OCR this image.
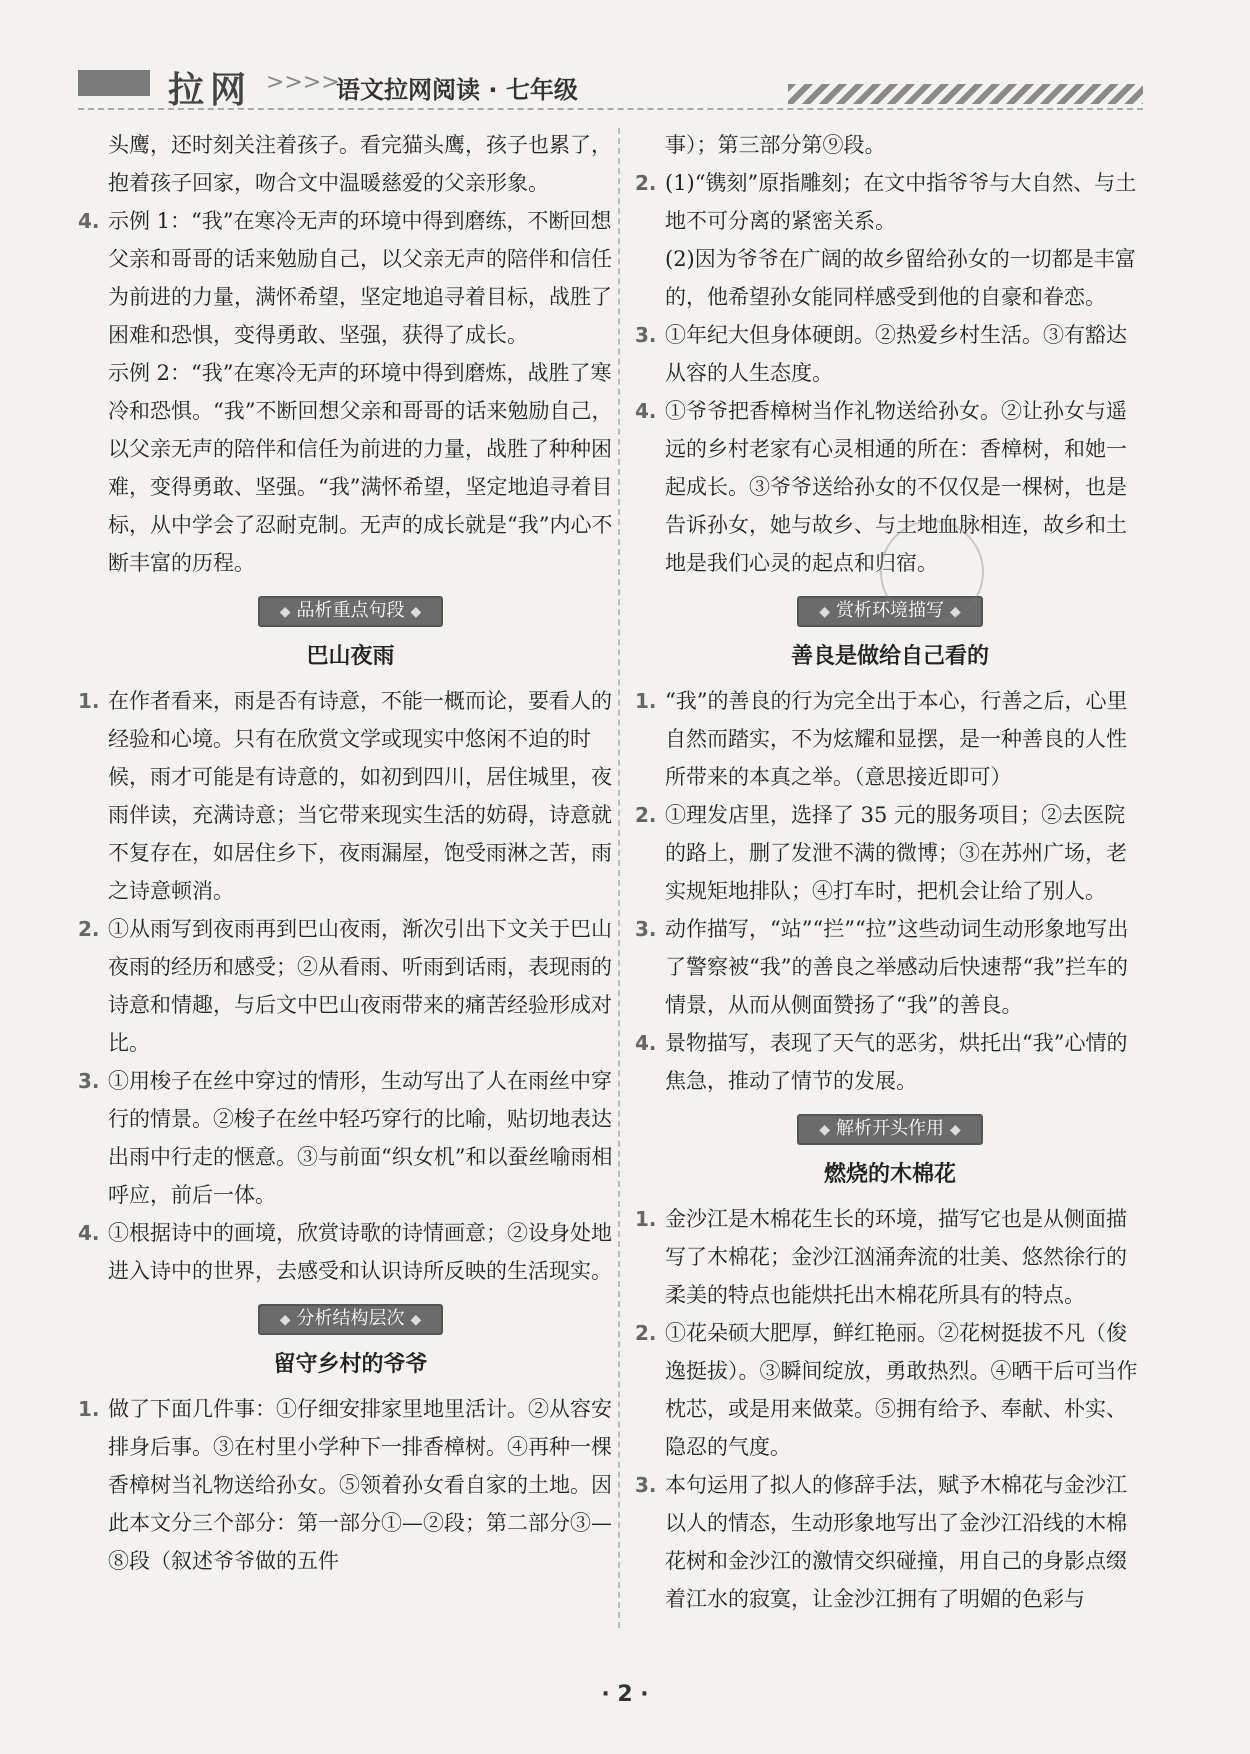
拉网 >>>>
语文拉网阅读 · 七年级

头鹰，还时刻关注着孩子。看完猫头鹰，孩子也累了，抱着孩子回家，吻合文中温暖慈爱的父亲形象。

4. 示例 1：“我”在寒冷无声的环境中得到磨练，不断回想父亲和哥哥的话来勉励自己，以父亲无声的陪伴和信任为前进的力量，满怀希望，坚定地追寻着目标，战胜了困难和恐惧，变得勇敢、坚强，获得了成长。
示例 2：“我”在寒冷无声的环境中得到磨炼，战胜了寒冷和恐惧。“我”不断回想父亲和哥哥的话来勉励自己，以父亲无声的陪伴和信任为前进的力量，战胜了种种困难，变得勇敢、坚强。“我”满怀希望，坚定地追寻着目标，从中学会了忍耐克制。无声的成长就是“我”内心不断丰富的历程。
◆ 品析重点句段 ◆
巴山夜雨
1. 在作者看来，雨是否有诗意，不能一概而论，要看人的经验和心境。只有在欣赏文学或现实中悠闲不迫的时候，雨才可能是有诗意的，如初到四川，居住城里，夜雨伴读，充满诗意；当它带来现实生活的妨碍，诗意就不复存在，如居住乡下，夜雨漏屋，饱受雨淋之苦，雨之诗意顿消。
2. ①从雨写到夜雨再到巴山夜雨，渐次引出下文关于巴山夜雨的经历和感受；②从看雨、听雨到话雨，表现雨的诗意和情趣，与后文中巴山夜雨带来的痛苦经验形成对比。
3. ①用梭子在丝中穿过的情形，生动写出了人在雨丝中穿行的情景。②梭子在丝中轻巧穿行的比喻，贴切地表达出雨中行走的惬意。③与前面“织女机”和以蚕丝喻雨相呼应，前后一体。
4. ①根据诗中的画境，欣赏诗歌的诗情画意；②设身处地进入诗中的世界，去感受和认识诗所反映的生活现实。
◆ 分析结构层次 ◆
留守乡村的爷爷
1. 做了下面几件事：①仔细安排家里地里活计。②从容安排身后事。③在村里小学种下一排香樟树。④再种一棵香樟树当礼物送给孙女。⑤领着孙女看自家的土地。因此本文分三个部分：第一部分①—②段；第二部分③—⑧段（叙述爷爷做的五件

事）；第三部分第⑨段。

2. (1)“镌刻”原指雕刻；在文中指爷爷与大自然、与土地不可分离的紧密关系。
(2)因为爷爷在广阔的故乡留给孙女的一切都是丰富的，他希望孙女能同样感受到他的自豪和眷恋。
3. ①年纪大但身体硬朗。②热爱乡村生活。③有豁达从容的人生态度。
4. ①爷爷把香樟树当作礼物送给孙女。②让孙女与遥远的乡村老家有心灵相通的所在：香樟树，和她一起成长。③爷爷送给孙女的不仅仅是一棵树，也是告诉孙女，她与故乡、与土地血脉相连，故乡和土地是我们心灵的起点和归宿。
◆ 赏析环境描写 ◆
善良是做给自己看的
1. “我”的善良的行为完全出于本心，行善之后，心里自然而踏实，不为炫耀和显摆，是一种善良的人性所带来的本真之举。（意思接近即可）
2. ①理发店里，选择了 35 元的服务项目；②去医院的路上，删了发泄不满的微博；③在苏州广场，老实规矩地排队；④打车时，把机会让给了别人。
3. 动作描写，“站”“拦”“拉”这些动词生动形象地写出了警察被“我”的善良之举感动后快速帮“我”拦车的情景，从而从侧面赞扬了“我”的善良。
4. 景物描写，表现了天气的恶劣，烘托出“我”心情的焦急，推动了情节的发展。
◆ 解析开头作用 ◆
燃烧的木棉花
1. 金沙江是木棉花生长的环境，描写它也是从侧面描写了木棉花；金沙江汹涌奔流的壮美、悠然徐行的柔美的特点也能烘托出木棉花所具有的特点。
2. ①花朵硕大肥厚，鲜红艳丽。②花树挺拔不凡（俊逸挺拔）。③瞬间绽放，勇敢热烈。④晒干后可当作枕芯，或是用来做菜。⑤拥有给予、奉献、朴实、隐忍的气度。
3. 本句运用了拟人的修辞手法，赋予木棉花与金沙江以人的情态，生动形象地写出了金沙江沿线的木棉花树和金沙江的激情交织碰撞，用自己的身影点缀着江水的寂寞，让金沙江拥有了明媚的色彩与
· 2 ·
